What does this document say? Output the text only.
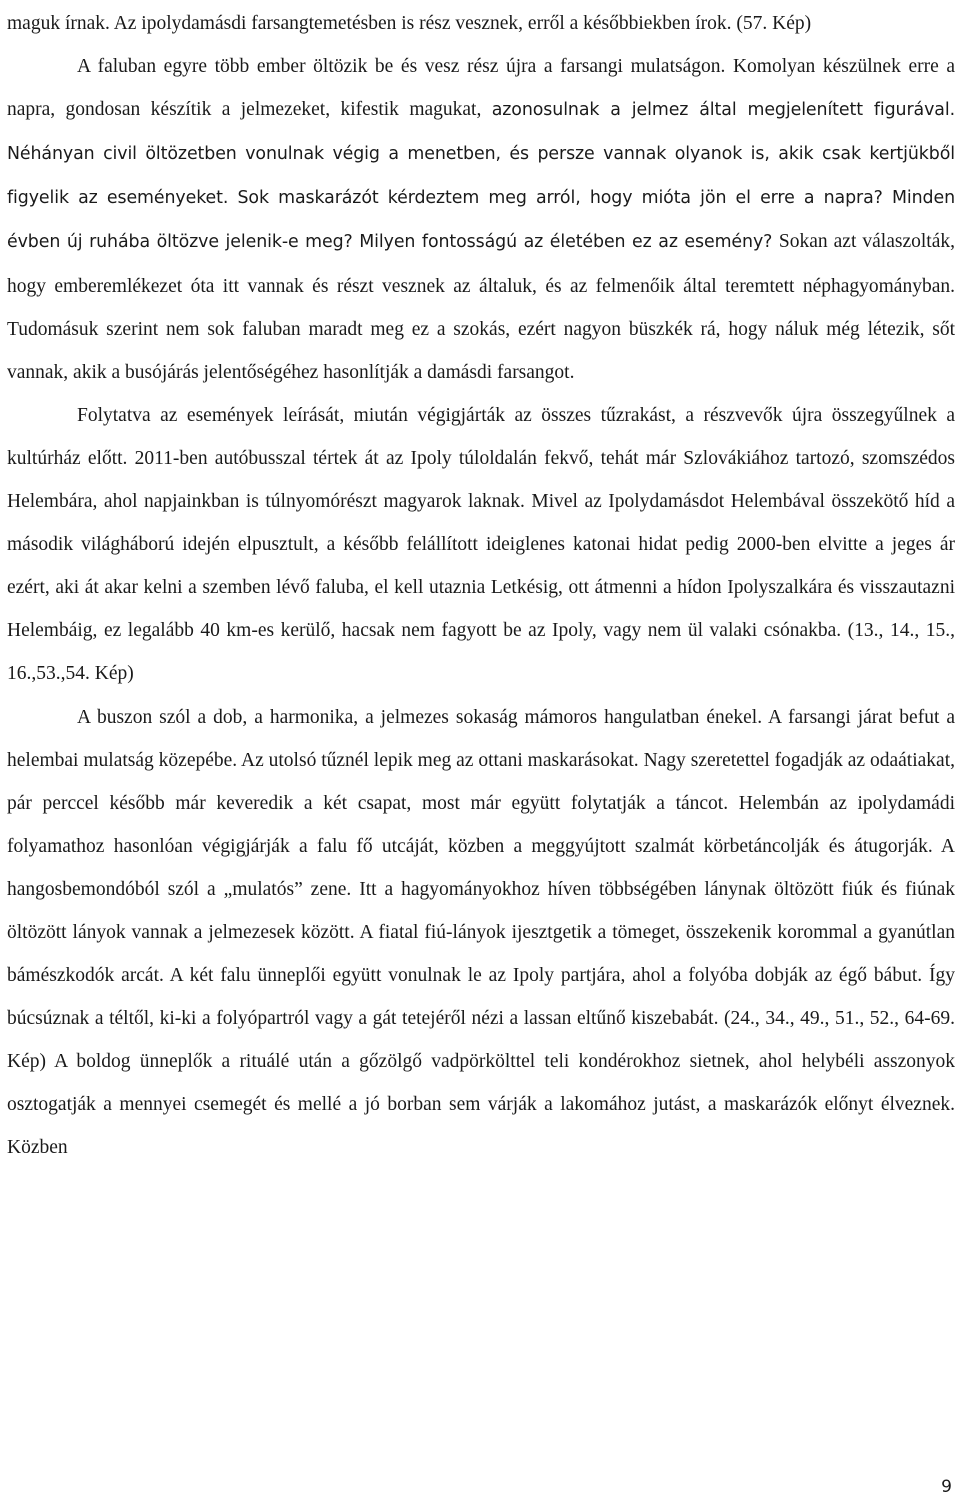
maguk írnak. Az ipolydamásdi farsangtemetésben is rész vesznek, erről a későbbiekben írok. (57. Kép)

A faluban egyre több ember öltözik be és vesz rész újra a farsangi mulatságon. Komolyan készülnek erre a napra, gondosan készítik a jelmezeket, kifestik magukat, azonosulnak a jelmez által megjelenített figurával. Néhányan civil öltözetben vonulnak végig a menetben, és persze vannak olyanok is, akik csak kertjükből figyelik az eseményeket. Sok maskarázót kérdeztem meg arról, hogy mióta jön el erre a napra? Minden évben új ruhába öltözve jelenik-e meg? Milyen fontosságú az életében ez az esemény? Sokan azt válaszolták, hogy emberemlékezet óta itt vannak és részt vesznek az általuk, és az felmenőik által teremtett néphagyományban. Tudomásuk szerint nem sok faluban maradt meg ez a szokás, ezért nagyon büszkék rá, hogy náluk még létezik, sőt vannak, akik a busójárás jelentőségéhez hasonlítják a damásdi farsangot.

Folytatva az események leírását, miután végigjárták az összes tűzrakást, a részvevők újra összegyűlnek a kultúrház előtt. 2011-ben autóbusszal tértek át az Ipoly túloldalán fekvő, tehát már Szlovákiához tartozó, szomszédos Helembára, ahol napjainkban is túlnyomórészt magyarok laknak. Mivel az Ipolydamásdot Helembával összekötő híd a második világháború idején elpusztult, a később felállított ideiglenes katonai hidat pedig 2000-ben elvitte a jeges ár ezért, aki át akar kelni a szemben lévő faluba, el kell utaznia Letkésig, ott átmenni a hídon Ipolyszalkára és visszautazni Helembáig, ez legalább 40 km-es kerülő, hacsak nem fagyott be az Ipoly, vagy nem ül valaki csónakba. (13., 14., 15., 16.,53.,54. Kép)

A buszon szól a dob, a harmonika, a jelmezes sokaság mámoros hangulatban énekel. A farsangi járat befut a helembai mulatság közepébe. Az utolsó tűznél lepik meg az ottani maskarásokat. Nagy szeretettel fogadják az odaátiakat, pár perccel később már keveredik a két csapat, most már együtt folytatják a táncot. Helembán az ipolydamádi folyamathoz hasonlóan végigjárják a falu fő utcáját, közben a meggyújtott szalmát körbetáncolják és átugorják. A hangosbemondóból szól a „mulatós” zene. Itt a hagyományokhoz híven többségében lánynak öltözött fiúk és fiúnak öltözött lányok vannak a jelmezesek között. A fiatal fiú-lányok ijesztgetik a tömeget, összekenik korommal a gyanútlan bámészkodók arcát. A két falu ünneplői együtt vonulnak le az Ipoly partjára, ahol a folyóba dobják az égő bábut. Így búcsúznak a téltől, ki-ki a folyópartról vagy a gát tetejéről nézi a lassan eltűnő kiszebabát. (24., 34., 49., 51., 52., 64-69. Kép) A boldog ünneplők a rituálé után a gőzölgő vadpörkölttel teli kondérokhoz sietnek, ahol helybéli asszonyok osztogatják a mennyei csemegét és mellé a jó borban sem várják a lakomához jutást, a maskarázók előnyt élveznek. Közben

9
